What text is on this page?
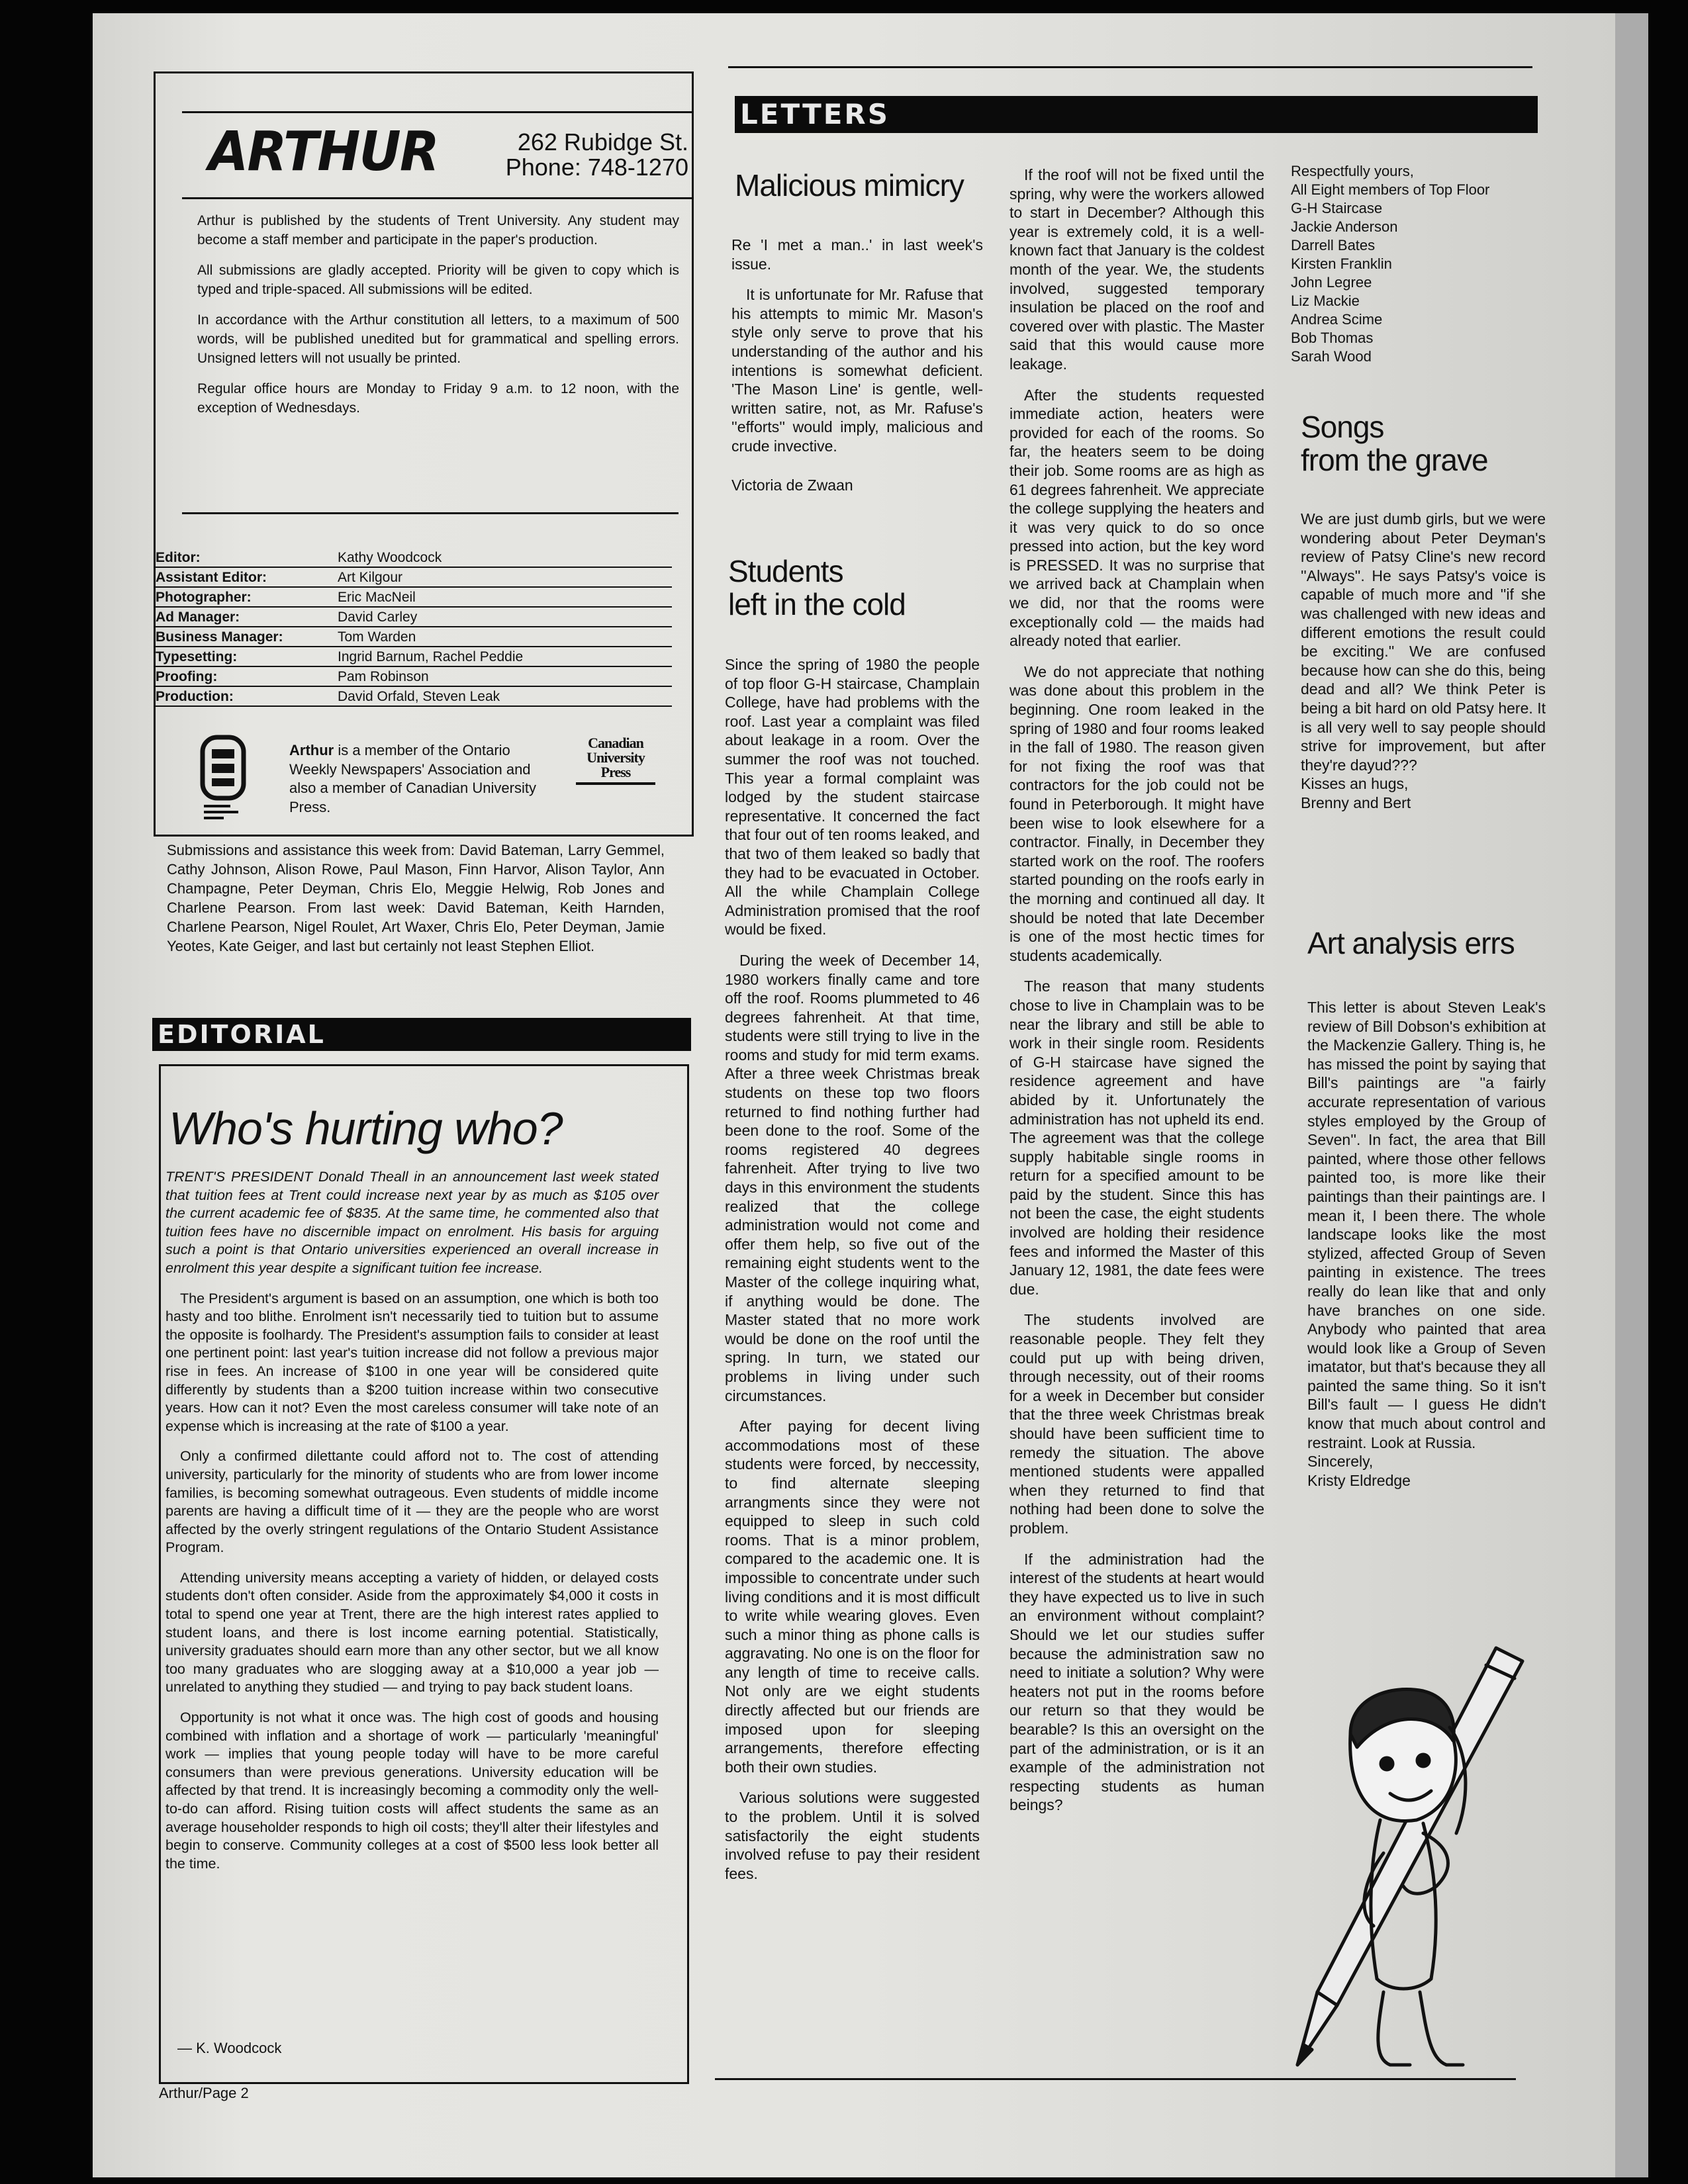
ARTHUR	262 Rubidge St.
Phone: 748-1270

Arthur is published by the students of Trent University. Any student may become a staff member and participate in the paper's production.

All submissions are gladly accepted. Priority will be given to copy which is typed and triple-spaced. All submissions will be edited.

In accordance with the Arthur constitution all letters, to a maximum of 500 words, will be published unedited but for grammatical and spelling errors. Unsigned letters will not usually be printed.

Regular office hours are Monday to Friday 9 a.m. to 12 noon, with the exception of Wednesdays.

Editor:	Kathy Woodcock
Assistant Editor:	Art Kilgour
Photographer:	Eric MacNeil
Ad Manager:	David Carley
Business Manager:	Tom Warden
Typesetting:	Ingrid Barnum, Rachel Peddie
Proofing:	Pam Robinson
Production:	David Orfald, Steven Leak
Arthur is a member of the Ontario Weekly Newspapers' Association and also a member of Canadian University Press.
Canadian University Press
Submissions and assistance this week from: David Bateman, Larry Gemmel, Cathy Johnson, Alison Rowe, Paul Mason, Finn Harvor, Alison Taylor, Ann Champagne, Peter Deyman, Chris Elo, Meggie Helwig, Rob Jones and Charlene Pearson. From last week: David Bateman, Keith Harnden, Charlene Pearson, Nigel Roulet, Art Waxer, Chris Elo, Peter Deyman, Jamie Yeotes, Kate Geiger, and last but certainly not least Stephen Elliot.
EDITORIAL
Who's hurting who?

TRENT'S PRESIDENT Donald Theall in an announcement last week stated that tuition fees at Trent could increase next year by as much as $105 over the current academic fee of $835. At the same time, he commented also that tuition fees have no discernible impact on enrolment. His basis for arguing such a point is that Ontario universities experienced an overall increase in enrolment this year despite a significant tuition fee increase.

The President's argument is based on an assumption, one which is both too hasty and too blithe. Enrolment isn't necessarily tied to tuition but to assume the opposite is foolhardy. The President's assumption fails to consider at least one pertinent point: last year's tuition increase did not follow a previous major rise in fees. An increase of $100 in one year will be considered quite differently by students than a $200 tuition increase within two consecutive years. How can it not? Even the most careless consumer will take note of an expense which is increasing at the rate of $100 a year.

Only a confirmed dilettante could afford not to. The cost of attending university, particularly for the minority of students who are from lower income families, is becoming somewhat outrageous. Even students of middle income parents are having a difficult time of it — they are the people who are worst affected by the overly stringent regulations of the Ontario Student Assistance Program.

Attending university means accepting a variety of hidden, or delayed costs students don't often consider. Aside from the approximately $4,000 it costs in total to spend one year at Trent, there are the high interest rates applied to student loans, and there is lost income earning potential. Statistically, university graduates should earn more than any other sector, but we all know too many graduates who are slogging away at a $10,000 a year job — unrelated to anything they studied — and trying to pay back student loans.

Opportunity is not what it once was. The high cost of goods and housing combined with inflation and a shortage of work — particularly 'meaningful' work — implies that young people today will have to be more careful consumers than were previous generations. University education will be affected by that trend. It is increasingly becoming a commodity only the well-to-do can afford. Rising tuition costs will affect students the same as an average householder responds to high oil costs; they'll alter their lifestyles and begin to conserve. Community colleges at a cost of $500 less look better all the time.

— K. Woodcock
Arthur/Page 2
LETTERS
Malicious mimicry

Re 'I met a man..' in last week's issue.

It is unfortunate for Mr. Rafuse that his attempts to mimic Mr. Mason's style only serve to prove that his understanding of the author and his intentions is somewhat deficient. 'The Mason Line' is gentle, well-written satire, not, as Mr. Rafuse's ''efforts'' would imply, malicious and crude invective.

Victoria de Zwaan

Students
left in the cold

Since the spring of 1980 the people of top floor G-H staircase, Champlain College, have had problems with the roof. Last year a complaint was filed about leakage in a room. Over the summer the roof was not touched. This year a formal complaint was lodged by the student staircase representative. It concerned the fact that four out of ten rooms leaked, and that two of them leaked so badly that they had to be evacuated in October. All the while Champlain College Administration promised that the roof would be fixed.

During the week of December 14, 1980 workers finally came and tore off the roof. Rooms plummeted to 46 degrees fahrenheit. At that time, students were still trying to live in the rooms and study for mid term exams. After a three week Christmas break students on these top two floors returned to find nothing further had been done to the roof. Some of the rooms registered 40 degrees fahrenheit. After trying to live two days in this environment the students realized that the college administration would not come and offer them help, so five out of the remaining eight students went to the Master of the college inquiring what, if anything would be done. The Master stated that no more work would be done on the roof until the spring. In turn, we stated our problems in living under such circumstances.

After paying for decent living accommodations most of these students were forced, by neccessity, to find alternate sleeping arrangments since they were not equipped to sleep in such cold rooms. That is a minor problem, compared to the academic one. It is impossible to concentrate under such living conditions and it is most difficult to write while wearing gloves. Even such a minor thing as phone calls is aggravating. No one is on the floor for any length of time to receive calls. Not only are we eight students directly affected but our friends are imposed upon for sleeping arrangements, therefore effecting both their own studies.

Various solutions were suggested to the problem. Until it is solved satisfactorily the eight students involved refuse to pay their resident fees.

If the roof will not be fixed until the spring, why were the workers allowed to start in December? Although this year is extremely cold, it is a well-known fact that January is the coldest month of the year. We, the students involved, suggested temporary insulation be placed on the roof and covered over with plastic. The Master said that this would cause more leakage.

After the students requested immediate action, heaters were provided for each of the rooms. So far, the heaters seem to be doing their job. Some rooms are as high as 61 degrees fahrenheit. We appreciate the college supplying the heaters and it was very quick to do so once pressed into action, but the key word is PRESSED. It was no surprise that we arrived back at Champlain when we did, nor that the rooms were exceptionally cold — the maids had already noted that earlier.

We do not appreciate that nothing was done about this problem in the beginning. One room leaked in the spring of 1980 and four rooms leaked in the fall of 1980. The reason given for not fixing the roof was that contractors for the job could not be found in Peterborough. It might have been wise to look elsewhere for a contractor. Finally, in December they started work on the roof. The roofers started pounding on the roofs early in the morning and continued all day. It should be noted that late December is one of the most hectic times for students academically.

The reason that many students chose to live in Champlain was to be near the library and still be able to work in their single room. Residents of G-H staircase have signed the residence agreement and have abided by it. Unfortunately the administration has not upheld its end. The agreement was that the college supply habitable single rooms in return for a specified amount to be paid by the student. Since this has not been the case, the eight students involved are holding their residence fees and informed the Master of this January 12, 1981, the date fees were due.

The students involved are reasonable people. They felt they could put up with being driven, through necessity, out of their rooms for a week in December but consider that the three week Christmas break should have been sufficient time to remedy the situation. The above mentioned students were appalled when they returned to find that nothing had been done to solve the problem.

If the administration had the interest of the students at heart would they have expected us to live in such an environment without complaint? Should we let our studies suffer because the administration saw no need to initiate a solution? Why were heaters not put in the rooms before our return so that they would be bearable? Is this an oversight on the part of the administration, or is it an example of the administration not respecting students as human beings?

Respectfully yours,
All Eight members of Top Floor
G-H Staircase
Jackie Anderson
Darrell Bates
Kirsten Franklin
John Legree
Liz Mackie
Andrea Scime
Bob Thomas
Sarah Wood
Songs
from the grave

We are just dumb girls, but we were wondering about Peter Deyman's review of Patsy Cline's new record ''Always''. He says Patsy's voice is capable of much more and ''if she was challenged with new ideas and different emotions the result could be exciting.'' We are confused because how can she do this, being dead and all? We think Peter is being a bit hard on old Patsy here. It is all very well to say people should strive for improvement, but after they're dayud???

Kisses an hugs,
Brenny and Bert
Art analysis errs

This letter is about Steven Leak's review of Bill Dobson's exhibition at the Mackenzie Gallery. Thing is, he has missed the point by saying that Bill's paintings are ''a fairly accurate representation of various styles employed by the Group of Seven''. In fact, the area that Bill painted, where those other fellows painted too, is more like their paintings than their paintings are. I mean it, I been there. The whole landscape looks like the most stylized, affected Group of Seven painting in existence. The trees really do lean like that and only have branches on one side. Anybody who painted that area would look like a Group of Seven imatator, but that's because they all painted the same thing. So it isn't Bill's fault — I guess He didn't know that much about control and restraint. Look at Russia.

Sincerely,
Kristy Eldredge
